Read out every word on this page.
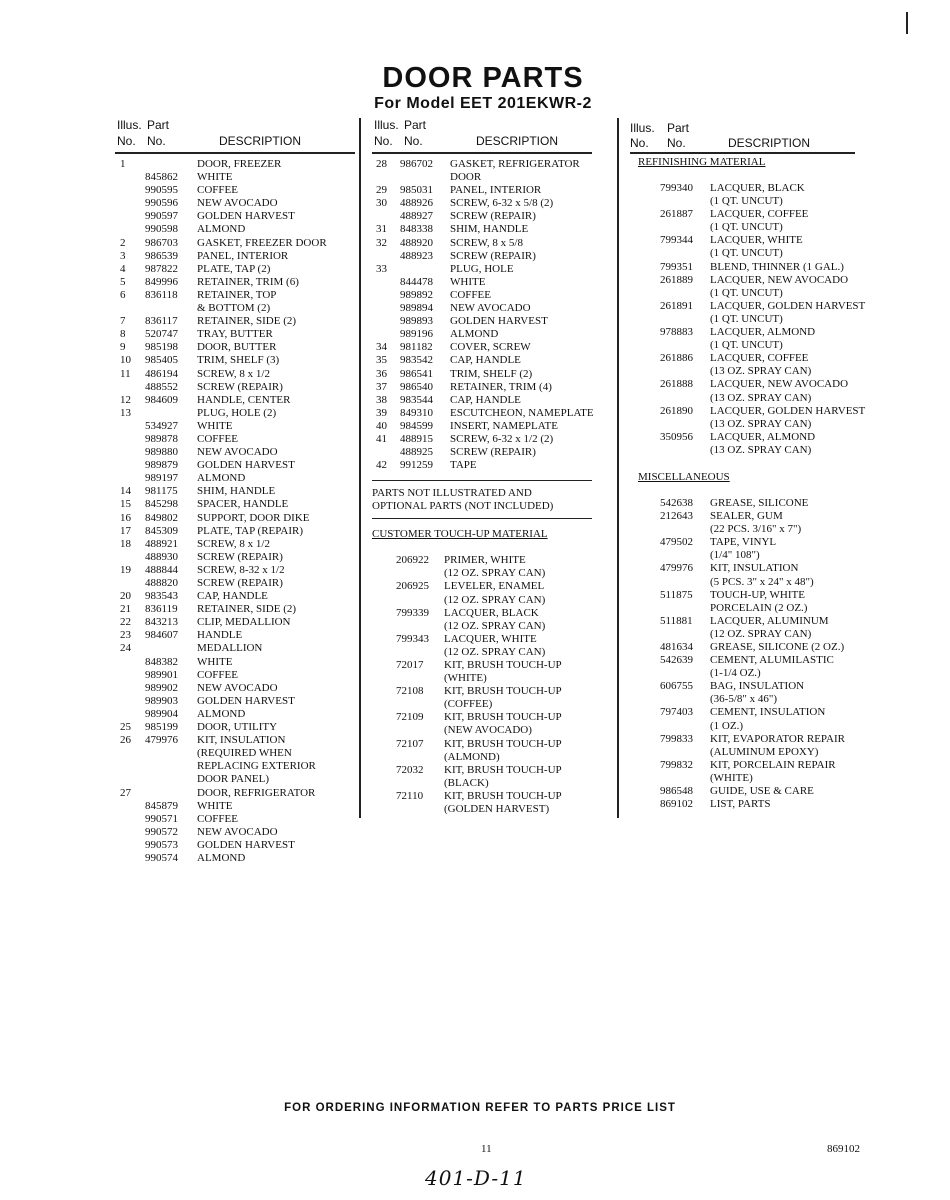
DOOR PARTS
For Model EET 201EKWR-2
Illus. Part
No. No.	DESCRIPTION
1	DOOR, FREEZER
845862 WHITE
990595 COFFEE
990596 NEW AVOCADO
990597 GOLDEN HARVEST
990598 ALMOND
2 986703 GASKET, FREEZER DOOR
3 986539 PANEL, INTERIOR
4 987822 PLATE, TAP (2)
5 849996 RETAINER, TRIM (6)
6 836118 RETAINER, TOP
& BOTTOM (2)
7 836117 RETAINER, SIDE (2)
8 520747 TRAY, BUTTER
9 985198 DOOR, BUTTER
10 985405 TRIM, SHELF (3)
11 486194 SCREW, 8 x 1/2
488552 SCREW (REPAIR)
12 984609 HANDLE, CENTER
13	PLUG, HOLE (2)
534927 WHITE
989878 COFFEE
989880 NEW AVOCADO
989879 GOLDEN HARVEST
989197 ALMOND
14 981175 SHIM, HANDLE
15 845298 SPACER, HANDLE
16 849802 SUPPORT, DOOR DIKE
17 845309 PLATE, TAP (REPAIR)
18 488921 SCREW, 8 x 1/2
488930 SCREW (REPAIR)
19 488844 SCREW, 8-32 x 1/2
488820 SCREW (REPAIR)
20 983543 CAP, HANDLE
21 836119 RETAINER, SIDE (2)
22 843213 CLIP, MEDALLION
23 984607 HANDLE
24	MEDALLION
848382 WHITE
989901 COFFEE
989902 NEW AVOCADO
989903 GOLDEN HARVEST
989904 ALMOND
25 985199 DOOR, UTILITY
26 479976 KIT, INSULATION
(REQUIRED WHEN
REPLACING EXTERIOR
DOOR PANEL)
27	DOOR, REFRIGERATOR
845879 WHITE
990571 COFFEE
990572 NEW AVOCADO
990573 GOLDEN HARVEST
990574 ALMOND
Illus. Part
No. No.	DESCRIPTION
28 986702 GASKET, REFRIGERATOR
DOOR
29 985031 PANEL, INTERIOR
30 488926 SCREW, 6-32 x 5/8 (2)
488927 SCREW (REPAIR)
31 848338 SHIM, HANDLE
32 488920 SCREW, 8 x 5/8
488923 SCREW (REPAIR)
33	PLUG, HOLE
844478 WHITE
989892 COFFEE
989894 NEW AVOCADO
989893 GOLDEN HARVEST
989196 ALMOND
34 981182 COVER, SCREW
35 983542 CAP, HANDLE
36 986541 TRIM, SHELF (2)
37 986540 RETAINER, TRIM (4)
38 983544 CAP, HANDLE
39 849310 ESCUTCHEON, NAMEPLATE
40 984599 INSERT, NAMEPLATE
41 488915 SCREW, 6-32 x 1/2 (2)
488925 SCREW (REPAIR)
42 991259 TAPE
PARTS NOT ILLUSTRATED AND
OPTIONAL PARTS (NOT INCLUDED)
CUSTOMER TOUCH-UP MATERIAL
206922 PRIMER, WHITE
(12 OZ. SPRAY CAN)
206925 LEVELER, ENAMEL
(12 OZ. SPRAY CAN)
799339 LACQUER, BLACK
(12 OZ. SPRAY CAN)
799343 LACQUER, WHITE
(12 OZ. SPRAY CAN)
72017 KIT, BRUSH TOUCH-UP
(WHITE)
72108 KIT, BRUSH TOUCH-UP
(COFFEE)
72109 KIT, BRUSH TOUCH-UP
(NEW AVOCADO)
72107 KIT, BRUSH TOUCH-UP
(ALMOND)
72032 KIT, BRUSH TOUCH-UP
(BLACK)
72110 KIT, BRUSH TOUCH-UP
(GOLDEN HARVEST)
Illus. Part
No. No.	DESCRIPTION
REFINISHING MATERIAL
799340 LACQUER, BLACK
(1 QT. UNCUT)
261887 LACQUER, COFFEE
(1 QT. UNCUT)
799344 LACQUER, WHITE
(1 QT. UNCUT)
799351 BLEND, THINNER (1 GAL.)
261889 LACQUER, NEW AVOCADO
(1 QT. UNCUT)
261891 LACQUER, GOLDEN HARVEST
(1 QT. UNCUT)
978883 LACQUER, ALMOND
(1 QT. UNCUT)
261886 LACQUER, COFFEE
(13 OZ. SPRAY CAN)
261888 LACQUER, NEW AVOCADO
(13 OZ. SPRAY CAN)
261890 LACQUER, GOLDEN HARVEST
(13 OZ. SPRAY CAN)
350956 LACQUER, ALMOND
(13 OZ. SPRAY CAN)
MISCELLANEOUS
542638 GREASE, SILICONE
212643 SEALER, GUM
(22 PCS. 3/16" x 7")
479502 TAPE, VINYL
(1/4" 108")
479976 KIT, INSULATION
(5 PCS. 3" x 24" x 48")
511875 TOUCH-UP, WHITE
PORCELAIN (2 OZ.)
511881 LACQUER, ALUMINUM
(12 OZ. SPRAY CAN)
481634 GREASE, SILICONE (2 OZ.)
542639 CEMENT, ALUMILASTIC
(1-1/4 OZ.)
606755 BAG, INSULATION
(36-5/8" x 46")
797403 CEMENT, INSULATION
(1 OZ.)
799833 KIT, EVAPORATOR REPAIR
(ALUMINUM EPOXY)
799832 KIT, PORCELAIN REPAIR
(WHITE)
986548 GUIDE, USE & CARE
869102 LIST, PARTS
FOR ORDERING INFORMATION REFER TO PARTS PRICE LIST
11	869102
401-D-11
